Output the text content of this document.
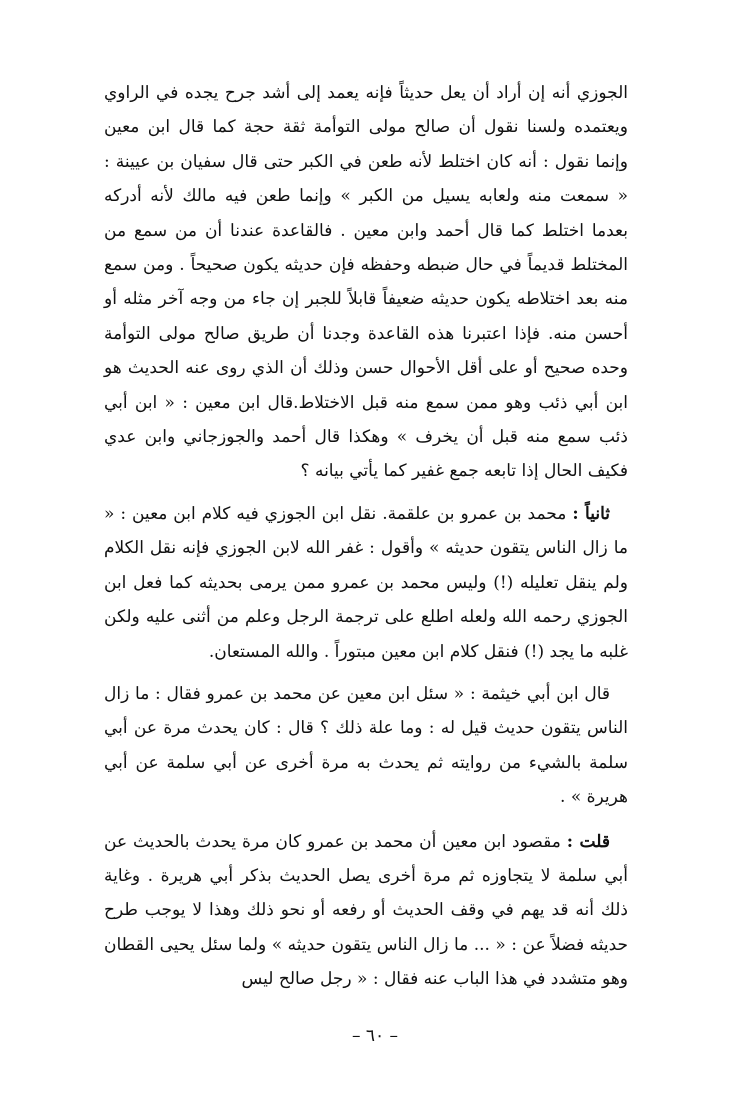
الجوزي أنه إن أراد أن يعل حديثاً فإنه يعمد إلى أشد جرح يجده في الراوي ويعتمده ولسنا نقول أن صالح مولى التوأمة ثقة حجة كما قال ابن معين وإنما نقول : أنه كان اختلط لأنه طعن في الكبر حتى قال سفيان بن عيينة : « سمعت منه ولعابه يسيل من الكبر » وإنما طعن فيه مالك لأنه أدركه بعدما اختلط كما قال أحمد وابن معين . فالقاعدة عندنا أن من سمع من المختلط قديماً في حال ضبطه وحفظه فإن حديثه يكون صحيحاً . ومن سمع منه بعد اختلاطه يكون حديثه ضعيفاً قابلاً للجبر إن جاء من وجه آخر مثله أو أحسن منه. فإذا اعتبرنا هذه القاعدة وجدنا أن طريق صالح مولى التوأمة وحده صحيح أو على أقل الأحوال حسن وذلك أن الذي روى عنه الحديث هو ابن أبي ذئب وهو ممن سمع منه قبل الاختلاط.قال ابن معين : « ابن أبي ذئب سمع منه قبل أن يخرف » وهكذا قال أحمد والجوزجاني وابن عدي فكيف الحال إذا تابعه جمع غفير كما يأتي بيانه ؟

ثانياً : محمد بن عمرو بن علقمة. نقل ابن الجوزي فيه كلام ابن معين : « ما زال الناس يتقون حديثه » وأقول : غفر الله لابن الجوزي فإنه نقل الكلام ولم ينقل تعليله (!) وليس محمد بن عمرو ممن يرمى بحديثه كما فعل ابن الجوزي رحمه الله ولعله اطلع على ترجمة الرجل وعلم من أثنى عليه ولكن غلبه ما يجد (!) فنقل كلام ابن معين مبتوراً . والله المستعان.

قال ابن أبي خيثمة : « سئل ابن معين عن محمد بن عمرو فقال : ما زال الناس يتقون حديث قيل له : وما علة ذلك ؟ قال : كان يحدث مرة عن أبي سلمة بالشيء من روايته ثم يحدث به مرة أخرى عن أبي سلمة عن أبي هريرة » .

قلت : مقصود ابن معين أن محمد بن عمرو كان مرة يحدث بالحديث عن أبي سلمة لا يتجاوزه ثم مرة أخرى يصل الحديث بذكر أبي هريرة . وغاية ذلك أنه قد يهم في وقف الحديث أو رفعه أو نحو ذلك وهذا لا يوجب طرح حديثه فضلاً عن : « ... ما زال الناس يتقون حديثه » ولما سئل يحيى القطان وهو متشدد في هذا الباب عنه فقال : « رجل صالح ليس

– ٦٠ –
